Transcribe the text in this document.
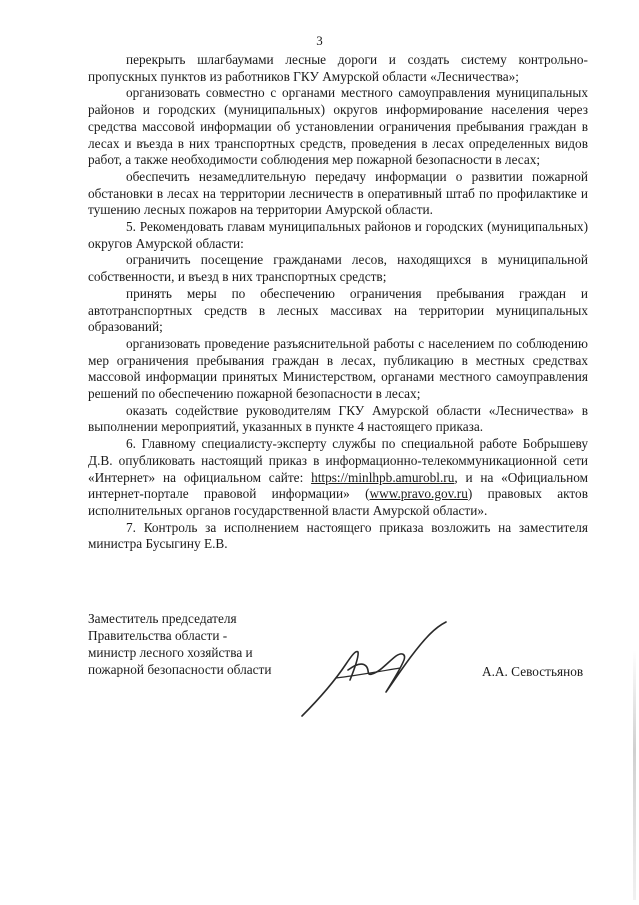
3

перекрыть шлагбаумами лесные дороги и создать систему контрольно-пропускных пунктов из работников ГКУ Амурской области «Лесничества»;

организовать совместно с органами местного самоуправления муниципальных районов и городских (муниципальных) округов информирование населения через средства массовой информации об установлении ограничения пребывания граждан в лесах и въезда в них транспортных средств, проведения в лесах определенных видов работ, а также необходимости соблюдения мер пожарной безопасности в лесах;

обеспечить незамедлительную передачу информации о развитии пожарной обстановки в лесах на территории лесничеств в оперативный штаб по профилактике и тушению лесных пожаров на территории Амурской области.

5. Рекомендовать главам муниципальных районов и городских (муниципальных) округов Амурской области:

ограничить посещение гражданами лесов, находящихся в муниципальной собственности, и въезд в них транспортных средств;

принять меры по обеспечению ограничения пребывания граждан и автотранспортных средств в лесных массивах на территории муниципальных образований;

организовать проведение разъяснительной работы с населением по соблюдению мер ограничения пребывания граждан в лесах, публикацию в местных средствах массовой информации принятых Министерством, органами местного самоуправления решений по обеспечению пожарной безопасности в лесах;

оказать содействие руководителям ГКУ Амурской области «Лесничества» в выполнении мероприятий, указанных в пункте 4 настоящего приказа.

6. Главному специалисту-эксперту службы по специальной работе Бобрышеву Д.В. опубликовать настоящий приказ в информационно-телекоммуникационной сети «Интернет» на официальном сайте: https://minlhpb.amurobl.ru, и на «Официальном интернет-портале правовой информации» (www.pravo.gov.ru) правовых актов исполнительных органов государственной власти Амурской области».

7. Контроль за исполнением настоящего приказа возложить на заместителя министра Бусыгину Е.В.

Заместитель председателя
Правительства области -
министр лесного хозяйства и
пожарной безопасности области	А.А. Севостьянов
